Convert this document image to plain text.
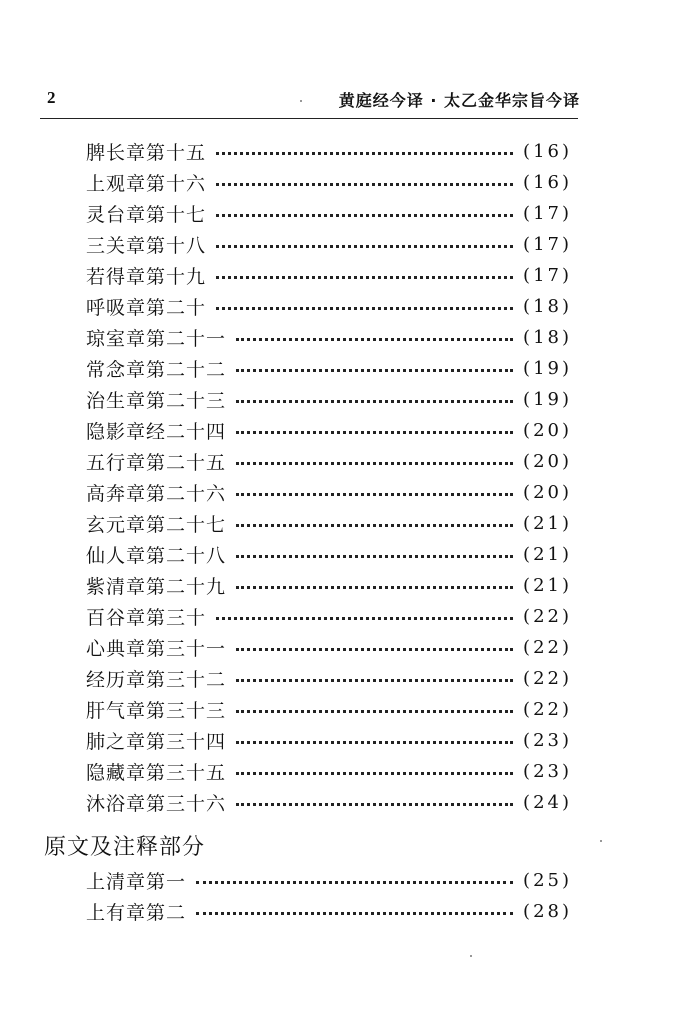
2	黄庭经今译 · 太乙金华宗旨今译
脾长章第十五	(16)
上观章第十六	(16)
灵台章第十七	(17)
三关章第十八	(17)
若得章第十九	(17)
呼吸章第二十	(18)
琼室章第二十一	(18)
常念章第二十二	(19)
治生章第二十三	(19)
隐影章经二十四	(20)
五行章第二十五	(20)
高奔章第二十六	(20)
玄元章第二十七	(21)
仙人章第二十八	(21)
紫清章第二十九	(21)
百谷章第三十	(22)
心典章第三十一	(22)
经历章第三十二	(22)
肝气章第三十三	(22)
肺之章第三十四	(23)
隐藏章第三十五	(23)
沐浴章第三十六	(24)
原文及注释部分
上清章第一	(25)
上有章第二	(28)
